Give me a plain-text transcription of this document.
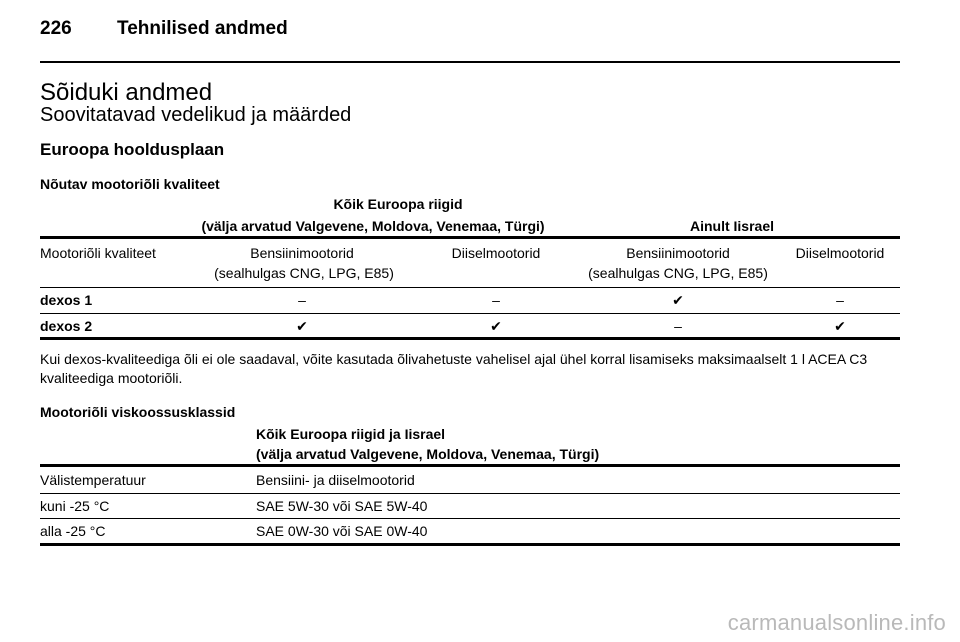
226 Tehnilised andmed
Sõiduki andmed
Soovitatavad vedelikud ja määrded
Euroopa hooldusplaan
Nõutav mootoriõli kvaliteet
Kõik Euroopa riigid
(välja arvatud Valgevene, Moldova, Venemaa, Türgi)	Ainult Iisrael
Mootoriõli kvaliteet	Bensiinimootorid	Diiselmootorid	Bensiinimootorid	Diiselmootorid
(sealhulgas CNG, LPG, E85)	(sealhulgas CNG, LPG, E85)
dexos 1	–	–	✔	–
dexos 2	✔	✔	–	✔
Kui dexos-kvaliteediga õli ei ole saadaval, võite kasutada õlivahetuste vahelisel ajal ühel korral lisamiseks maksimaalselt 1 l ACEA C3 kvaliteediga mootoriõli.
Mootoriõli viskoossusklassid
Kõik Euroopa riigid ja Iisrael
(välja arvatud Valgevene, Moldova, Venemaa, Türgi)
Välistemperatuur	Bensiini- ja diiselmootorid
kuni -25 °C	SAE 5W-30 või SAE 5W-40
alla -25 °C	SAE 0W-30 või SAE 0W-40
carmanualsonline.info
